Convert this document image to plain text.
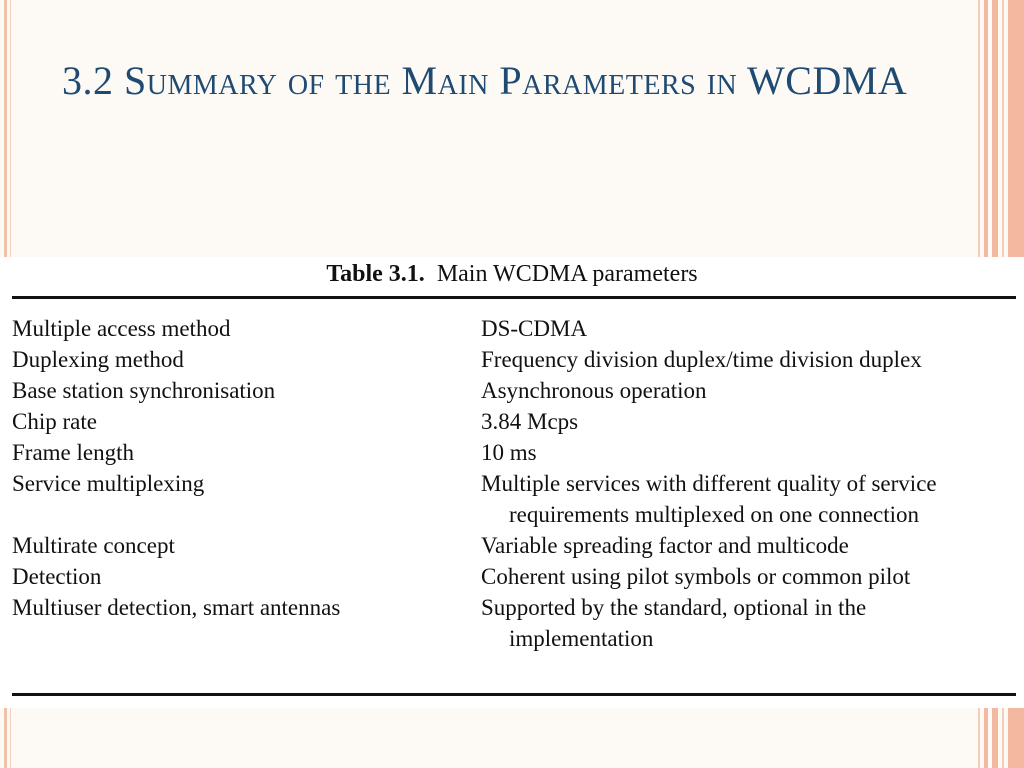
3.2 Summary of the Main Parameters in WCDMA
Table 3.1. Main WCDMA parameters
Multiple access method	DS-CDMA
Duplexing method	Frequency division duplex/time division duplex
Base station synchronisation	Asynchronous operation
Chip rate	3.84 Mcps
Frame length	10 ms
Service multiplexing	Multiple services with different quality of service requirements multiplexed on one connection
Multirate concept	Variable spreading factor and multicode
Detection	Coherent using pilot symbols or common pilot
Multiuser detection, smart antennas	Supported by the standard, optional in the implementation
